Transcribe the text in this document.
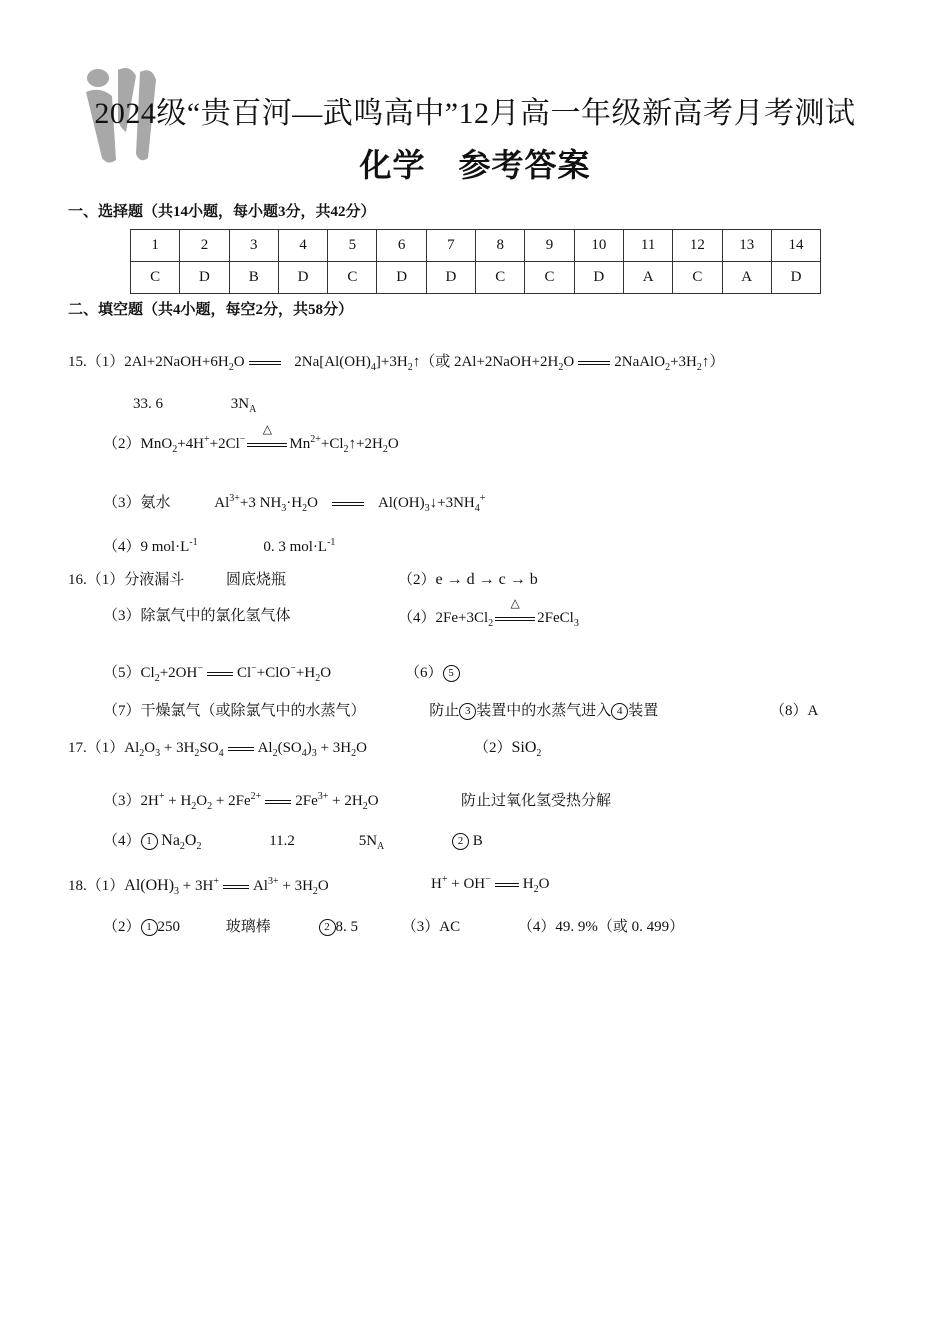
2024级“贵百河—武鸣高中”12月高一年级新高考月考测试
化学　参考答案
一、选择题（共14小题，每小题3分，共42分）
1	2	3	4	5	6	7	8	9	10	11	12	13	14
C	D	B	D	C	D	D	C	C	D	A	C	A	D
二、填空题（共4小题，每空2分，共58分）
$15.(1)2Al+2NaOH+6H_2O$	$2Na[Al(OH)_4]+3H_2↑$（或 $2Al+2NaOH+2H_2O$	$2NaAlO_2+3H_2↑$）
33. 6	$3N_A$
（2）MnO$_2$+4H++2Cl−
△
$Mn^{2+}+Cl_2↑+2H_2O$
（3）氨水	$Al^{3+}+3$ $NH_3\cdot H_2O$	$Al(OH)_3↓+3NH_4^+$
（4）9 $mol\cdot L^{-1}$	0. 3 $mol\cdot L^{-1}$
16.（1）分液漏斗	圆底烧瓶	（2）e → d → c → b
（3）除氯气中的氯化氢气体	$(4)2Fe+3Cl_2$
△
2FeCl$_3$
$(5)Cl_2+2OH^-$ $Cl^-+ClO^-+H_2O$	（6） 5
（7）干燥氯气（或除氯气中的水蒸气）	防止 3 装置中的水蒸气进入 4 装置	（8）A
$17.(1)Al_2O_3 + 3H_2SO_4$ $Al_2(SO_4)_3 + 3H_2O$	（2）SiO$_2$
$(3)2H^+ + H_2O_2 + 2Fe^{2+}$ $2Fe^{3+} + 2H_2O$	防止过氧化氢受热分解
（4） 1 $Na_2O_2$	11.2	$5N_A$	2 B
$18.(1)Al(OH)_3 + 3H^+$ $Al^{3+} + 3H_2O$	H+ + OH− $H_2O$
（2） 1 250	玻璃棒	2 8. 5	（3）AC	（4）49. 9%（或 0. 499）
